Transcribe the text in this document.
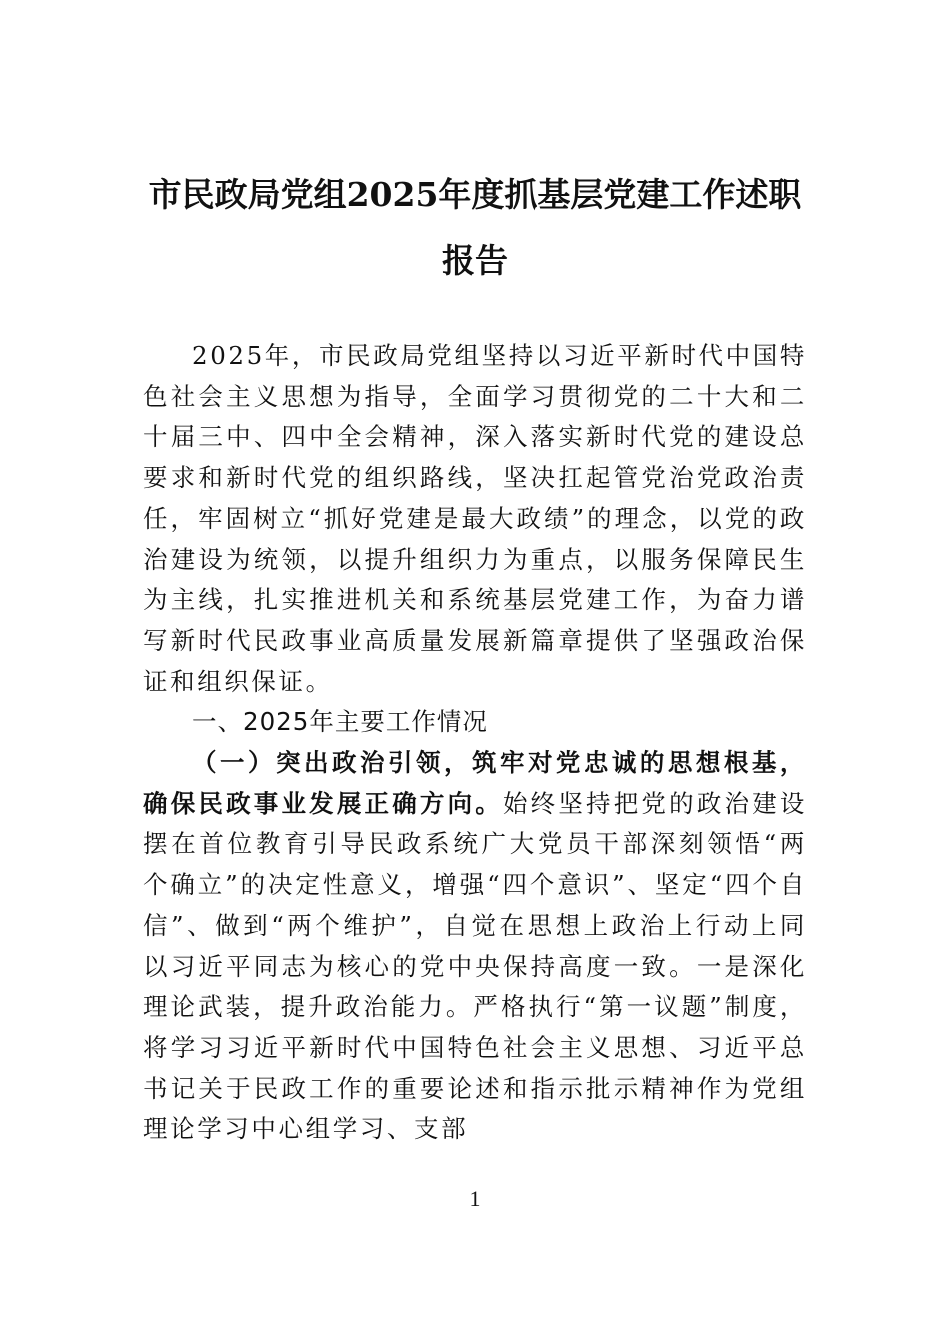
市民政局党组2025年度抓基层党建工作述职报告

2025年，市民政局党组坚持以习近平新时代中国特色社会主义思想为指导，全面学习贯彻党的二十大和二十届三中、四中全会精神，深入落实新时代党的建设总要求和新时代党的组织路线，坚决扛起管党治党政治责任，牢固树立“抓好党建是最大政绩”的理念，以党的政治建设为统领，以提升组织力为重点，以服务保障民生为主线，扎实推进机关和系统基层党建工作，为奋力谱写新时代民政事业高质量发展新篇章提供了坚强政治保证和组织保证。

一、2025年主要工作情况

（一）突出政治引领，筑牢对党忠诚的思想根基，确保民政事业发展正确方向。始终坚持把党的政治建设摆在首位教育引导民政系统广大党员干部深刻领悟“两个确立”的决定性意义，增强“四个意识”、坚定“四个自信”、做到“两个维护”，自觉在思想上政治上行动上同以习近平同志为核心的党中央保持高度一致。一是深化理论武装，提升政治能力。严格执行“第一议题”制度，将学习习近平新时代中国特色社会主义思想、习近平总书记关于民政工作的重要论述和指示批示精神作为党组理论学习中心组学习、支部

1
